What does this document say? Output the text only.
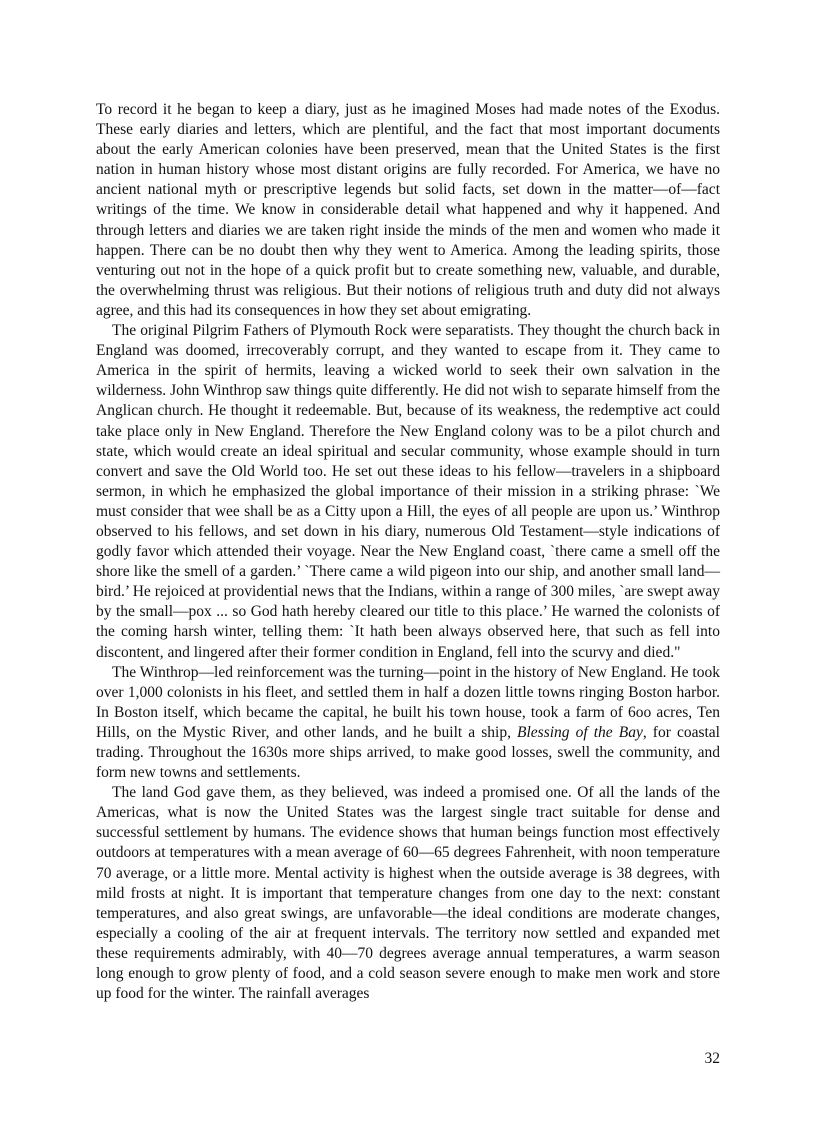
To record it he began to keep a diary, just as he imagined Moses had made notes of the Exodus. These early diaries and letters, which are plentiful, and the fact that most important documents about the early American colonies have been preserved, mean that the United States is the first nation in human history whose most distant origins are fully recorded. For America, we have no ancient national myth or prescriptive legends but solid facts, set down in the matter—of—fact writings of the time. We know in considerable detail what happened and why it happened. And through letters and diaries we are taken right inside the minds of the men and women who made it happen. There can be no doubt then why they went to America. Among the leading spirits, those venturing out not in the hope of a quick profit but to create something new, valuable, and durable, the overwhelming thrust was religious. But their notions of religious truth and duty did not always agree, and this had its consequences in how they set about emigrating.

The original Pilgrim Fathers of Plymouth Rock were separatists. They thought the church back in England was doomed, irrecoverably corrupt, and they wanted to escape from it. They came to America in the spirit of hermits, leaving a wicked world to seek their own salvation in the wilderness. John Winthrop saw things quite differently. He did not wish to separate himself from the Anglican church. He thought it redeemable. But, because of its weakness, the redemptive act could take place only in New England. Therefore the New England colony was to be a pilot church and state, which would create an ideal spiritual and secular community, whose example should in turn convert and save the Old World too. He set out these ideas to his fellow—travelers in a shipboard sermon, in which he emphasized the global importance of their mission in a striking phrase: `We must consider that wee shall be as a Citty upon a Hill, the eyes of all people are upon us.’ Winthrop observed to his fellows, and set down in his diary, numerous Old Testament—style indications of godly favor which attended their voyage. Near the New England coast, `there came a smell off the shore like the smell of a garden.’ `There came a wild pigeon into our ship, and another small land—bird.’ He rejoiced at providential news that the Indians, within a range of 300 miles, `are swept away by the small—pox ... so God hath hereby cleared our title to this place.’ He warned the colonists of the coming harsh winter, telling them: `It hath been always observed here, that such as fell into discontent, and lingered after their former condition in England, fell into the scurvy and died."

The Winthrop—led reinforcement was the turning—point in the history of New England. He took over 1,000 colonists in his fleet, and settled them in half a dozen little towns ringing Boston harbor. In Boston itself, which became the capital, he built his town house, took a farm of 6oo acres, Ten Hills, on the Mystic River, and other lands, and he built a ship, Blessing of the Bay, for coastal trading. Throughout the 1630s more ships arrived, to make good losses, swell the community, and form new towns and settlements.

The land God gave them, as they believed, was indeed a promised one. Of all the lands of the Americas, what is now the United States was the largest single tract suitable for dense and successful settlement by humans. The evidence shows that human beings function most effectively outdoors at temperatures with a mean average of 60—65 degrees Fahrenheit, with noon temperature 70 average, or a little more. Mental activity is highest when the outside average is 38 degrees, with mild frosts at night. It is important that temperature changes from one day to the next: constant temperatures, and also great swings, are unfavorable—the ideal conditions are moderate changes, especially a cooling of the air at frequent intervals. The territory now settled and expanded met these requirements admirably, with 40—70 degrees average annual temperatures, a warm season long enough to grow plenty of food, and a cold season severe enough to make men work and store up food for the winter. The rainfall averages

32
